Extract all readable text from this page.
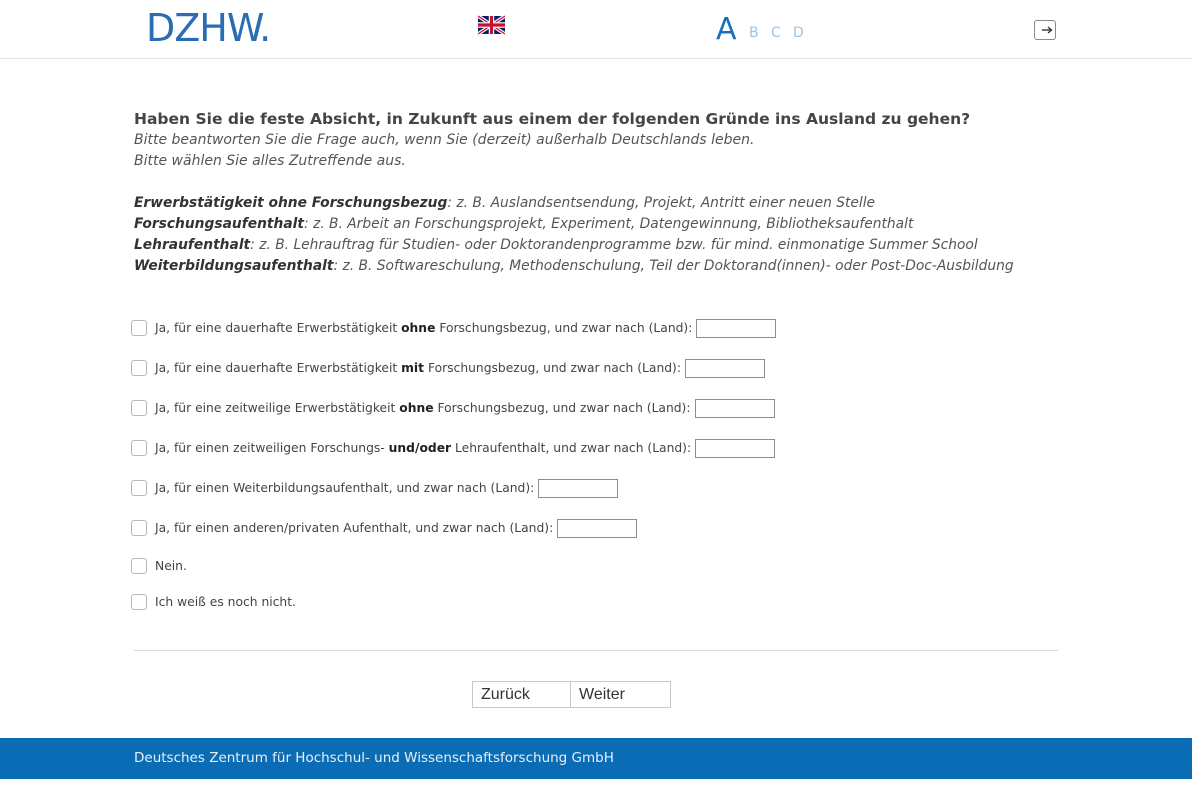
DZHW.	A B C D
Haben Sie die feste Absicht, in Zukunft aus einem der folgenden Gründe ins Ausland zu gehen?
Bitte beantworten Sie die Frage auch, wenn Sie (derzeit) außerhalb Deutschlands leben.
Bitte wählen Sie alles Zutreffende aus.
Erwerbstätigkeit ohne Forschungsbezug: z. B. Auslandsentsendung, Projekt, Antritt einer neuen Stelle
Forschungsaufenthalt: z. B. Arbeit an Forschungsprojekt, Experiment, Datengewinnung, Bibliotheksaufenthalt
Lehraufenthalt: z. B. Lehrauftrag für Studien- oder Doktorandenprogramme bzw. für mind. einmonatige Summer School
Weiterbildungsaufenthalt: z. B. Softwareschulung, Methodenschulung, Teil der Doktorand(innen)- oder Post-Doc-Ausbildung
Ja, für eine dauerhafte Erwerbstätigkeit ohne Forschungsbezug, und zwar nach (Land):
Ja, für eine dauerhafte Erwerbstätigkeit mit Forschungsbezug, und zwar nach (Land):
Ja, für eine zeitweilige Erwerbstätigkeit ohne Forschungsbezug, und zwar nach (Land):
Ja, für einen zeitweiligen Forschungs- und/oder Lehraufenthalt, und zwar nach (Land):
Ja, für einen Weiterbildungsaufenthalt, und zwar nach (Land):
Ja, für einen anderen/privaten Aufenthalt, und zwar nach (Land):
Nein.
Ich weiß es noch nicht.
Zurück	Weiter
Deutsches Zentrum für Hochschul- und Wissenschaftsforschung GmbH
